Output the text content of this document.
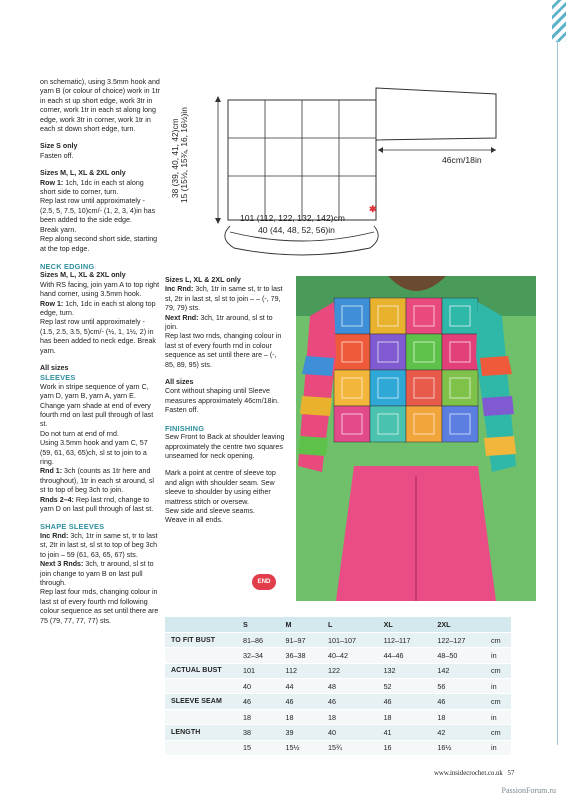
✱
38 (39, 40, 41, 42)cm 15 (15½, 15¾, 16, 16½)in	46cm/18in
101 (112, 122, 132, 142)cm
40 (44, 48, 52, 56)in

on schematic), using 3.5mm hook and yarn B (or colour of choice) work in 1tr in each st up short edge, work 3tr in corner, work 1tr in each st along long edge, work 3tr in corner, work 1tr in each st down short edge, turn.

Size S only

Fasten off.

Sizes M, L, XL & 2XL only

Row 1: 1ch, 1dc in each st along short side to corner, turn.

Rep last row until approximately - (2.5, 5, 7.5, 10)cm/- (1, 2, 3, 4)in has been added to the side edge.

Break yarn.

Rep along second short side, starting at the top edge.

NECK EDGING

Sizes M, L, XL & 2XL only

With RS facing, join yarn A to top right hand corner, using 3.5mm hook.

Row 1: 1ch, 1dc in each st along top edge, turn.

Rep last row until approximately - (1.5, 2.5, 3.5, 5)cm/- (½, 1, 1½, 2) in has been added to neck edge. Break yarn.

All sizes

SLEEVES

Work in stripe sequence of yarn C, yarn D, yarn B, yarn A, yarn E. Change yarn shade at end of every fourth rnd on last pull through of last st.

Do not turn at end of rnd.

Using 3.5mm hook and yarn C, 57 (59, 61, 63, 65)ch, sl st to join to a ring.

Rnd 1: 3ch (counts as 1tr here and throughout), 1tr in each st around, sl st to top of beg 3ch to join.

Rnds 2–4: Rep last rnd, change to yarn D on last pull through of last st.

SHAPE SLEEVES

Inc Rnd: 3ch, 1tr in same st, tr to last st, 2tr in last st, sl st to top of beg 3ch to join – 59 (61, 63, 65, 67) sts.

Next 3 Rnds: 3ch, tr around, sl st to join change to yarn B on last pull through.

Rep last four rnds, changing colour in last st of every fourth rnd following colour sequence as set until there are 75 (79, 77, 77, 77) sts.

Sizes L, XL & 2XL only

Inc Rnd: 3ch, 1tr in same st, tr to last st, 2tr in last st, sl st to join – – (-, 79, 79, 79) sts.

Next Rnd: 3ch, 1tr around, sl st to join.

Rep last two rnds, changing colour in last st of every fourth rnd in colour sequence as set until there are – (-, 85, 89, 95) sts.

All sizes

Cont without shaping until Sleeve measures approximately 46cm/18in.

Fasten off.

FINISHING

Sew Front to Back at shoulder leaving approximately the centre two squares unseamed for neck opening.

Mark a point at centre of sleeve top and align with shoulder seam. Sew sleeve to shoulder by using either mattress stitch or oversew.

Sew side and sleeve seams.

Weave in all ends.

END
	S	M	L	XL	2XL	
TO FIT BUST	81–86	91–97	101–107	112–117	122–127	cm
	32–34	36–38	40–42	44–46	48–50	in
ACTUAL BUST	101	112	122	132	142	cm
	40	44	48	52	56	in
SLEEVE SEAM	46	46	46	46	46	cm
	18	18	18	18	18	in
LENGTH	38	39	40	41	42	cm
	15	15½	15¾	16	16½	in
www.insidecrochet.co.uk 57
PassionForum.ru
